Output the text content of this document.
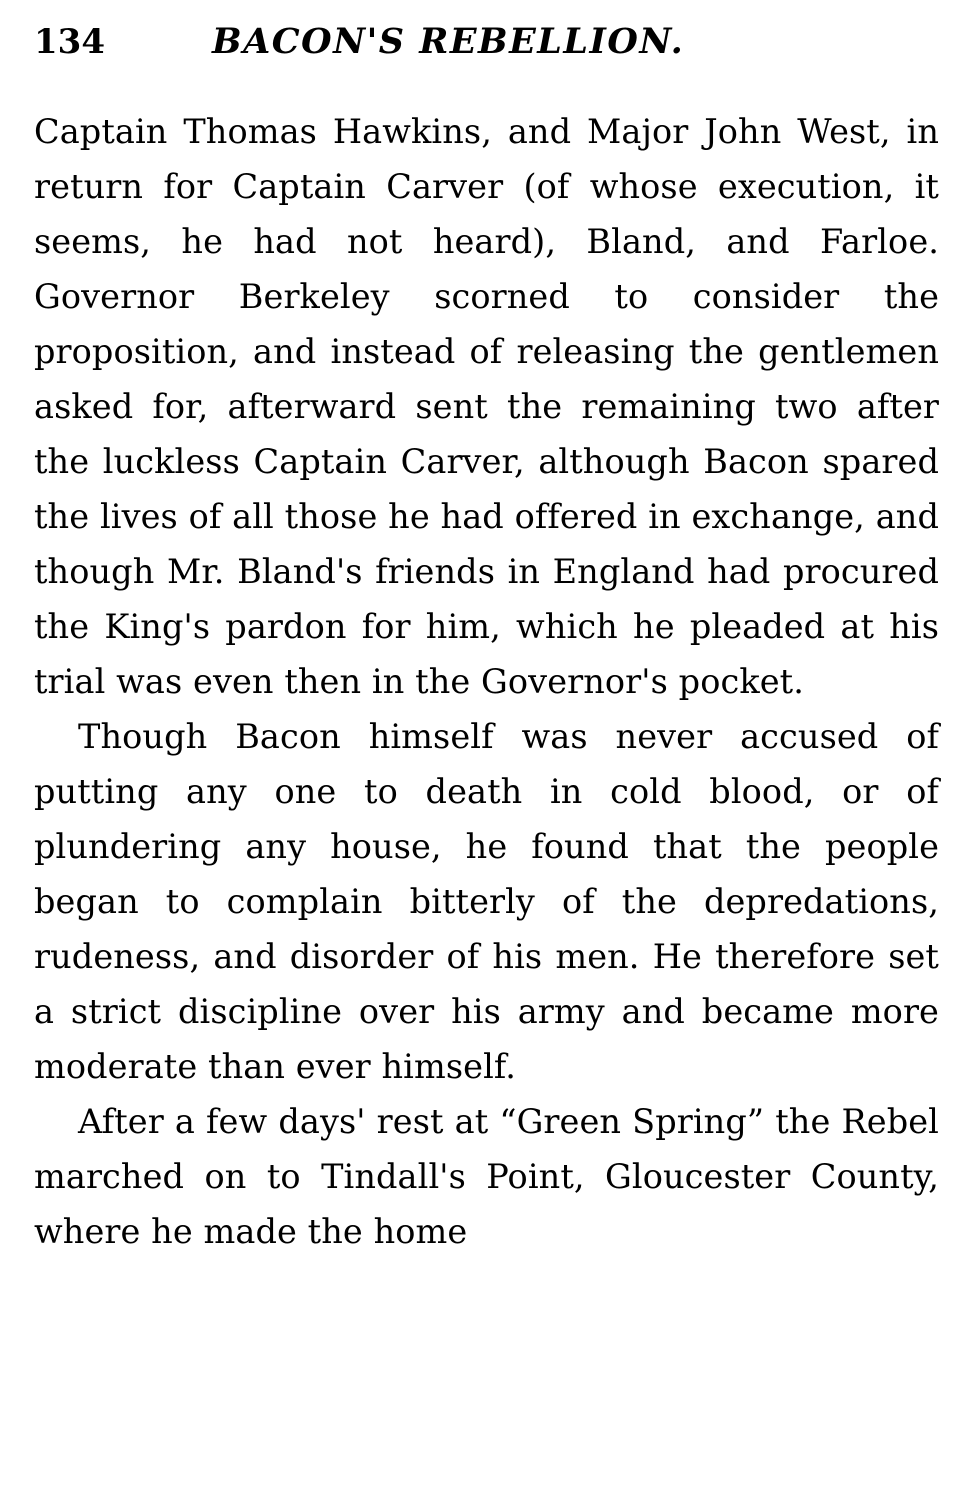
134	BACON'S REBELLION.

Captain Thomas Hawkins, and Major John West, in return for Captain Carver (of whose execution, it seems, he had not heard), Bland, and Farloe. Governor Berkeley scorned to consider the proposition, and instead of releasing the gentlemen asked for, afterward sent the remaining two after the luckless Captain Carver, although Bacon spared the lives of all those he had offered in exchange, and though Mr. Bland's friends in England had procured the King's pardon for him, which he pleaded at his trial was even then in the Governor's pocket.

Though Bacon himself was never accused of putting any one to death in cold blood, or of plundering any house, he found that the people began to complain bitterly of the depredations, rudeness, and disorder of his men. He therefore set a strict discipline over his army and became more moderate than ever himself.

After a few days' rest at “Green Spring” the Rebel marched on to Tindall's Point, Gloucester County, where he made the home
